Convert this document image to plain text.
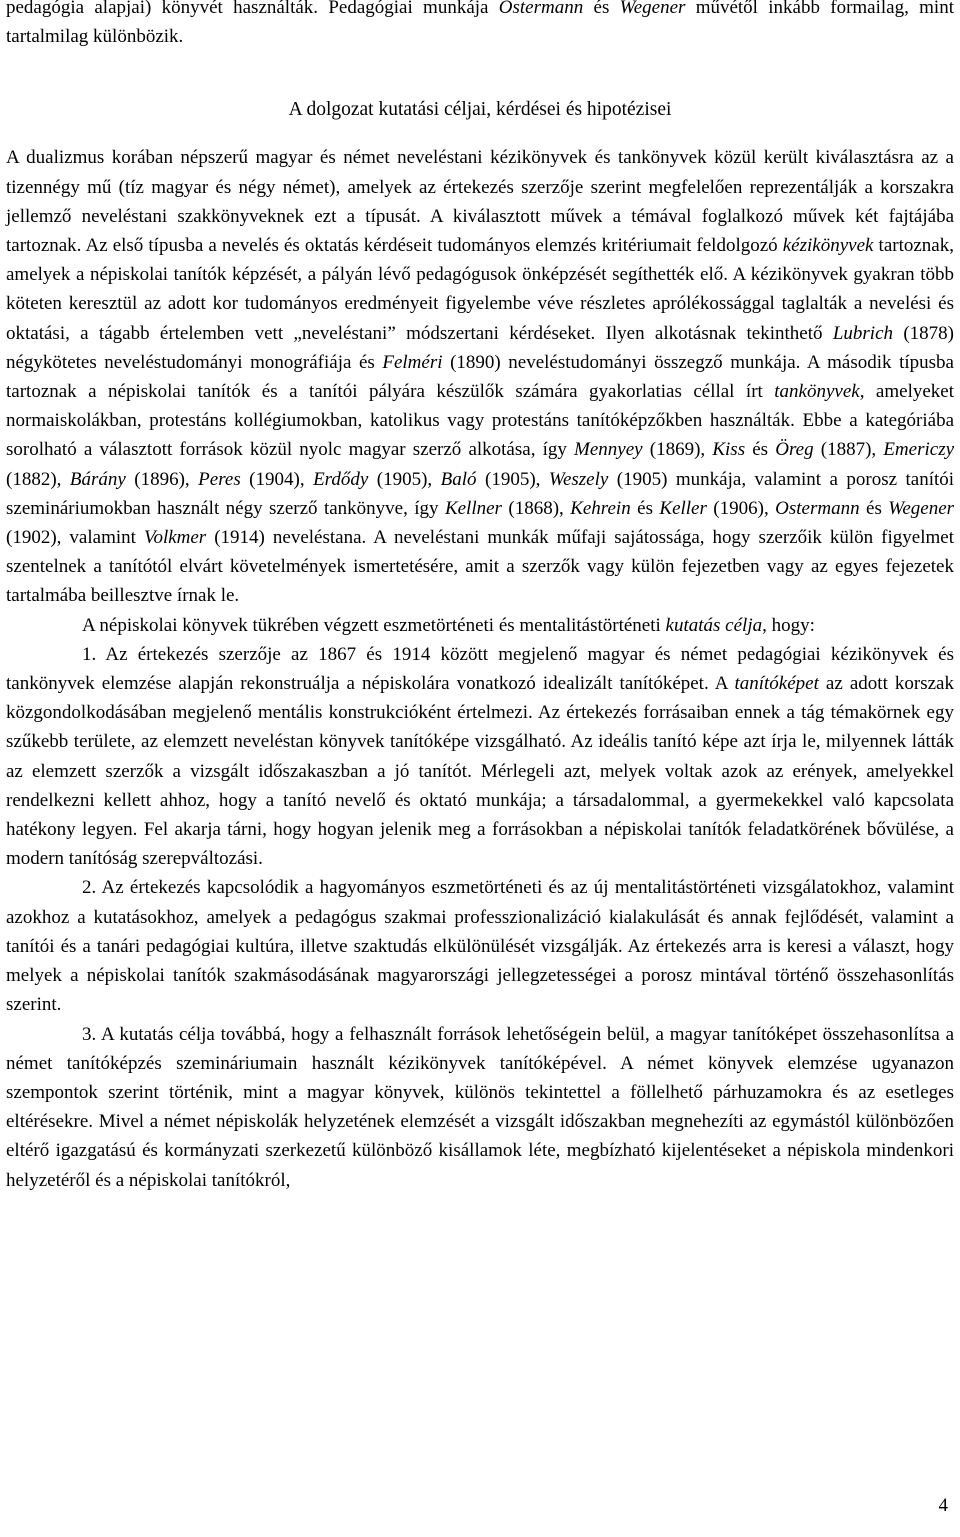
pedagógia alapjai) könyvét használták. Pedagógiai munkája Ostermann és Wegener művétől inkább formailag, mint tartalmilag különbözik.

A dolgozat kutatási céljai, kérdései és hipotézisei

A dualizmus korában népszerű magyar és német neveléstani kézikönyvek és tankönyvek közül került kiválasztásra az a tizennégy mű (tíz magyar és négy német), amelyek az értekezés szerzője szerint megfelelően reprezentálják a korszakra jellemző neveléstani szakkönyveknek ezt a típusát. A kiválasztott művek a témával foglalkozó művek két fajtájába tartoznak. Az első típusba a nevelés és oktatás kérdéseit tudományos elemzés kritériumait feldolgozó kézikönyvek tartoznak, amelyek a népiskolai tanítók képzését, a pályán lévő pedagógusok önképzését segíthették elő. A kézikönyvek gyakran több köteten keresztül az adott kor tudományos eredményeit figyelembe véve részletes aprólékossággal taglalták a nevelési és oktatási, a tágabb értelemben vett „neveléstani” módszertani kérdéseket. Ilyen alkotásnak tekinthető Lubrich (1878) négykötetes neveléstudományi monográfiája és Felméri (1890) neveléstudományi összegző munkája. A második típusba tartoznak a népiskolai tanítók és a tanítói pályára készülők számára gyakorlatias céllal írt tankönyvek, amelyeket normaiskolákban, protestáns kollégiumokban, katolikus vagy protestáns tanítóképzőkben használták. Ebbe a kategóriába sorolható a választott források közül nyolc magyar szerző alkotása, így Mennyey (1869), Kiss és Öreg (1887), Emericzy (1882), Bárány (1896), Peres (1904), Erdődy (1905), Baló (1905), Weszely (1905) munkája, valamint a porosz tanítói szemináriumokban használt négy szerző tankönyve, így Kellner (1868), Kehrein és Keller (1906), Ostermann és Wegener (1902), valamint Volkmer (1914) neveléstana. A neveléstani munkák műfaji sajátossága, hogy szerzőik külön figyelmet szentelnek a tanítótól elvárt követelmények ismertetésére, amit a szerzők vagy külön fejezetben vagy az egyes fejezetek tartalmába beillesztve írnak le.

A népiskolai könyvek tükrében végzett eszmetörténeti és mentalitástörténeti kutatás célja, hogy:

1. Az értekezés szerzője az 1867 és 1914 között megjelenő magyar és német pedagógiai kézikönyvek és tankönyvek elemzése alapján rekonstruálja a népiskolára vonatkozó idealizált tanítóképet. A tanítóképet az adott korszak közgondolkodásában megjelenő mentális konstrukcióként értelmezi. Az értekezés forrásaiban ennek a tág témakörnek egy szűkebb területe, az elemzett neveléstan könyvek tanítóképe vizsgálható. Az ideális tanító képe azt írja le, milyennek látták az elemzett szerzők a vizsgált időszakaszban a jó tanítót. Mérlegeli azt, melyek voltak azok az erények, amelyekkel rendelkezni kellett ahhoz, hogy a tanító nevelő és oktató munkája; a társadalommal, a gyermekekkel való kapcsolata hatékony legyen. Fel akarja tárni, hogy hogyan jelenik meg a forrásokban a népiskolai tanítók feladatkörének bővülése, a modern tanítóság szerepváltozási.

2. Az értekezés kapcsolódik a hagyományos eszmetörténeti és az új mentalitástörténeti vizsgálatokhoz, valamint azokhoz a kutatásokhoz, amelyek a pedagógus szakmai professzionalizáció kialakulását és annak fejlődését, valamint a tanítói és a tanári pedagógiai kultúra, illetve szaktudás elkülönülését vizsgálják. Az értekezés arra is keresi a választ, hogy melyek a népiskolai tanítók szakmásodásának magyarországi jellegzetességei a porosz mintával történő összehasonlítás szerint.

3. A kutatás célja továbbá, hogy a felhasznált források lehetőségein belül, a magyar tanítóképet összehasonlítsa a német tanítóképzés szemináriumain használt kézikönyvek tanítóképével. A német könyvek elemzése ugyanazon szempontok szerint történik, mint a magyar könyvek, különös tekintettel a föllelhető párhuzamokra és az esetleges eltérésekre. Mivel a német népiskolák helyzetének elemzését a vizsgált időszakban megnehezíti az egymástól különbözően eltérő igazgatású és kormányzati szerkezetű különböző kisállamok léte, megbízható kijelentéseket a népiskola mindenkori helyzetéről és a népiskolai tanítókról,

4
